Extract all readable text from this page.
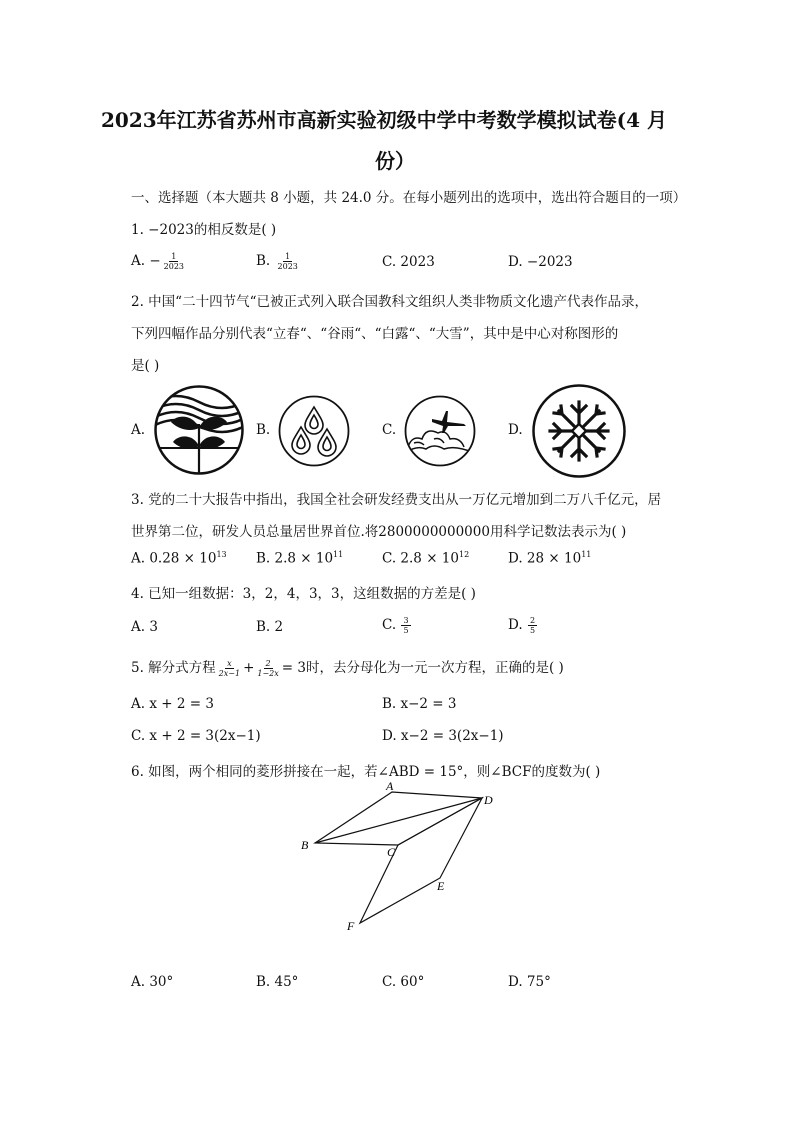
2023年江苏省苏州市高新实验初级中学中考数学模拟试卷(4 月
份）
一、选择题（本大题共 8 小题，共 24.0 分。在每小题列出的选项中，选出符合题目的一项）
1. −2023的相反数是( )
A. − $\frac{1}{2023}$	B. $\frac{1}{2023}$	C. 2023	D. −2023
2. 中国“二十四节气“已被正式列入联合国教科文组织人类非物质文化遗产代表作品录，
下列四幅作品分别代表“立春“、“谷雨“、“白露“、“大雪”，其中是中心对称图形的
是( )
A.	B.	C.	D.
3. 党的二十大报告中指出，我国全社会研发经费支出从一万亿元增加到二万八千亿元，居
世界第二位，研发人员总量居世界首位.将2800000000000用科学记数法表示为( )
A. $0.28 \times 10^{13}$ B. $2.8 \times 10^{11}$	C. $2.8 \times 10^{12}$	D. $28 \times 10^{11}$
4. 已知一组数据：3，2，4，3，3，这组数据的方差是( )
A. 3	B. 2	C. $\frac{3}{5}$	D. $\frac{2}{5}$
5. 解分式方程 $\frac{x}{2x-1} + \frac{2}{1-2x} = 3$时，去分母化为一元一次方程，正确的是( )
A. x + 2 = 3	B. x−2 = 3
C. x + 2 = 3(2x−1)	D. x−2 = 3(2x−1)
6. 如图，两个相同的菱形拼接在一起，若∠ABD = 15°，则∠BCF的度数为( )
A
D
B	C
E
F
A. 30°	B. 45°	C. 60°	D. 75°
